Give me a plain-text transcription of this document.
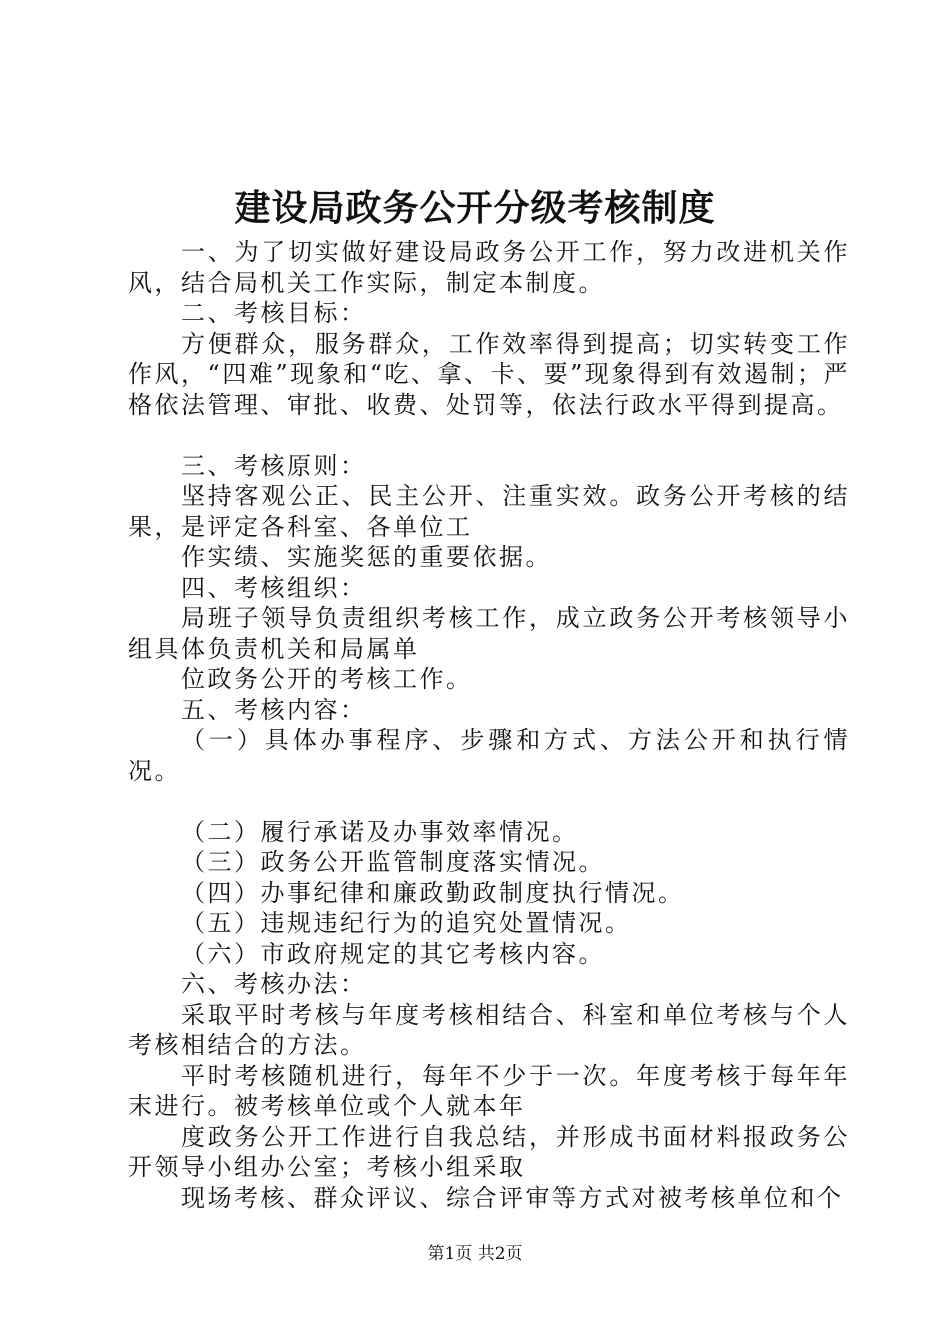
建设局政务公开分级考核制度
一、为了切实做好建设局政务公开工作，努力改进机关作风，结合局机关工作实际，制定本制度。
二、考核目标：
方便群众，服务群众，工作效率得到提高；切实转变工作作风，“四难”现象和“吃、拿、卡、要”现象得到有效遏制；严格依法管理、审批、收费、处罚等，依法行政水平得到提高。
三、考核原则：
坚持客观公正、民主公开、注重实效。政务公开考核的结果，是评定各科室、各单位工
作实绩、实施奖惩的重要依据。
四、考核组织：
局班子领导负责组织考核工作，成立政务公开考核领导小组具体负责机关和局属单
位政务公开的考核工作。
五、考核内容：
（一）具体办事程序、步骤和方式、方法公开和执行情况。
（二）履行承诺及办事效率情况。
（三）政务公开监管制度落实情况。
（四）办事纪律和廉政勤政制度执行情况。
（五）违规违纪行为的追究处置情况。
（六）市政府规定的其它考核内容。
六、考核办法：
采取平时考核与年度考核相结合、科室和单位考核与个人考核相结合的方法。
平时考核随机进行，每年不少于一次。年度考核于每年年末进行。被考核单位或个人就本年
度政务公开工作进行自我总结，并形成书面材料报政务公开领导小组办公室；考核小组采取
现场考核、群众评议、综合评审等方式对被考核单位和个
第1页 共2页
